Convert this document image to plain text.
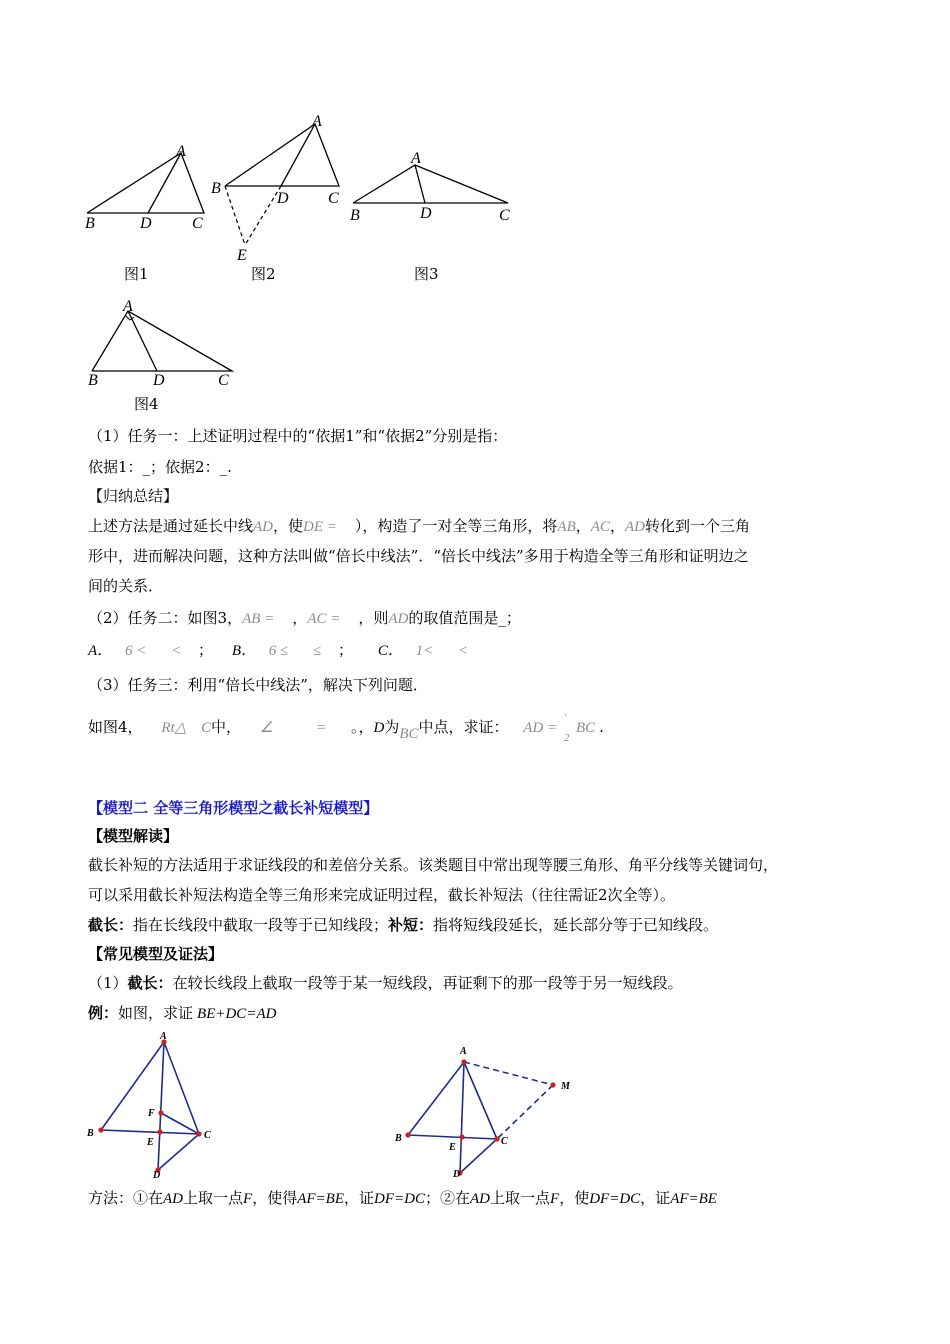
A
B	D	C
图1
A
B
D C
E
图2
A
B	D	C
图3
A
B	D	C
图4
（1）任务一：上述证明过程中的“依据1”和“依据2”分别是指：
依据1：_；依据2：_.
【归纳总结】
上述方法是通过延长中线AD，使DE = ），构造了一对全等三角形，将AB，AC，AD转化到一个三角
形中，进而解决问题，这种方法叫做“倍长中线法”．“倍长中线法”多用于构造全等三角形和证明边之
间的关系．
（2）任务二：如图3，AB = ，AC = ，则AD的取值范围是_；
A． 6 < < ； B． 6 ≤ ≤ ； C． 1< <
（3）任务三：利用“倍长中线法”，解决下列问题．
如图4， Rt△ C中， ∠	= 。，D为BC中点，求证： AD =
'
2
BC .
【模型二 全等三角形模型之截长补短模型】
【模型解读】
截长补短的方法适用于求证线段的和差倍分关系。该类题目中常出现等腰三角形、角平分线等关键词句，
可以采用截长补短法构造全等三角形来完成证明过程，截长补短法（往往需证2次全等）。
截长：指在长线段中截取一段等于已知线段；补短：指将短线段延长，延长部分等于已知线段。
【常见模型及证法】
（1）截长：在较长线段上截取一段等于某一短线段，再证剩下的那一段等于另一短线段。
例：如图，求证 BE+DC=AD
A
B	C
D
E
F
A
B	C
D
E
M
方法：①在AD上取一点F，使得AF=BE，证DF=DC；②在AD上取一点F，使DF=DC，证AF=BE
